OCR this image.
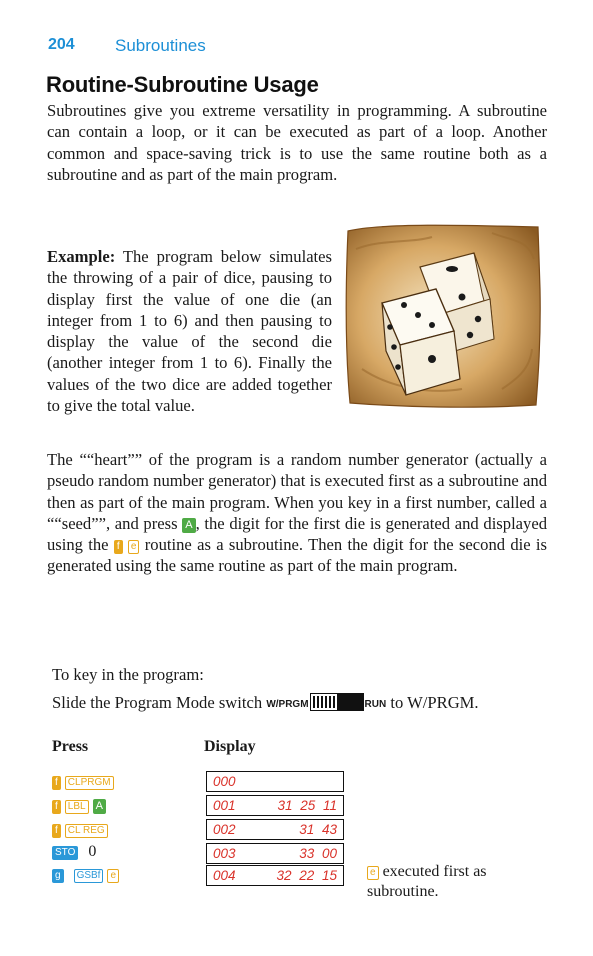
204 Subroutines
Routine-Subroutine Usage
Subroutines give you extreme versatility in programming. A subroutine can contain a loop, or it can be executed as part of a loop. Another common and space-saving trick is to use the same routine both as a subroutine and as part of the main program.
Example: The program below simulates the throwing of a pair of dice, pausing to display first the value of one die (an integer from 1 to 6) and then pausing to display the value of the second die (another integer from 1 to 6). Finally the values of the two dice are added together to give the total value.
The ““heart”” of the program is a random number generator (actually a pseudo random number generator) that is executed first as a subroutine and then as part of the main program. When you key in a first number, called a ““seed””, and press A , the digit for the first die is generated and displayed using the f e routine as a subroutine. Then the digit for the second die is generated using the same routine as part of the main program.
To key in the program:
Slide the Program Mode switch W/PRGM	RUN to W/PRGM.
Press	Display
f CLPRGM	000
f LBL A	001	31 25 11
f CL REG	002	31 43
STO 0	003	33 00
g GSBf e	004	32 22 15	e executed first as subroutine.
